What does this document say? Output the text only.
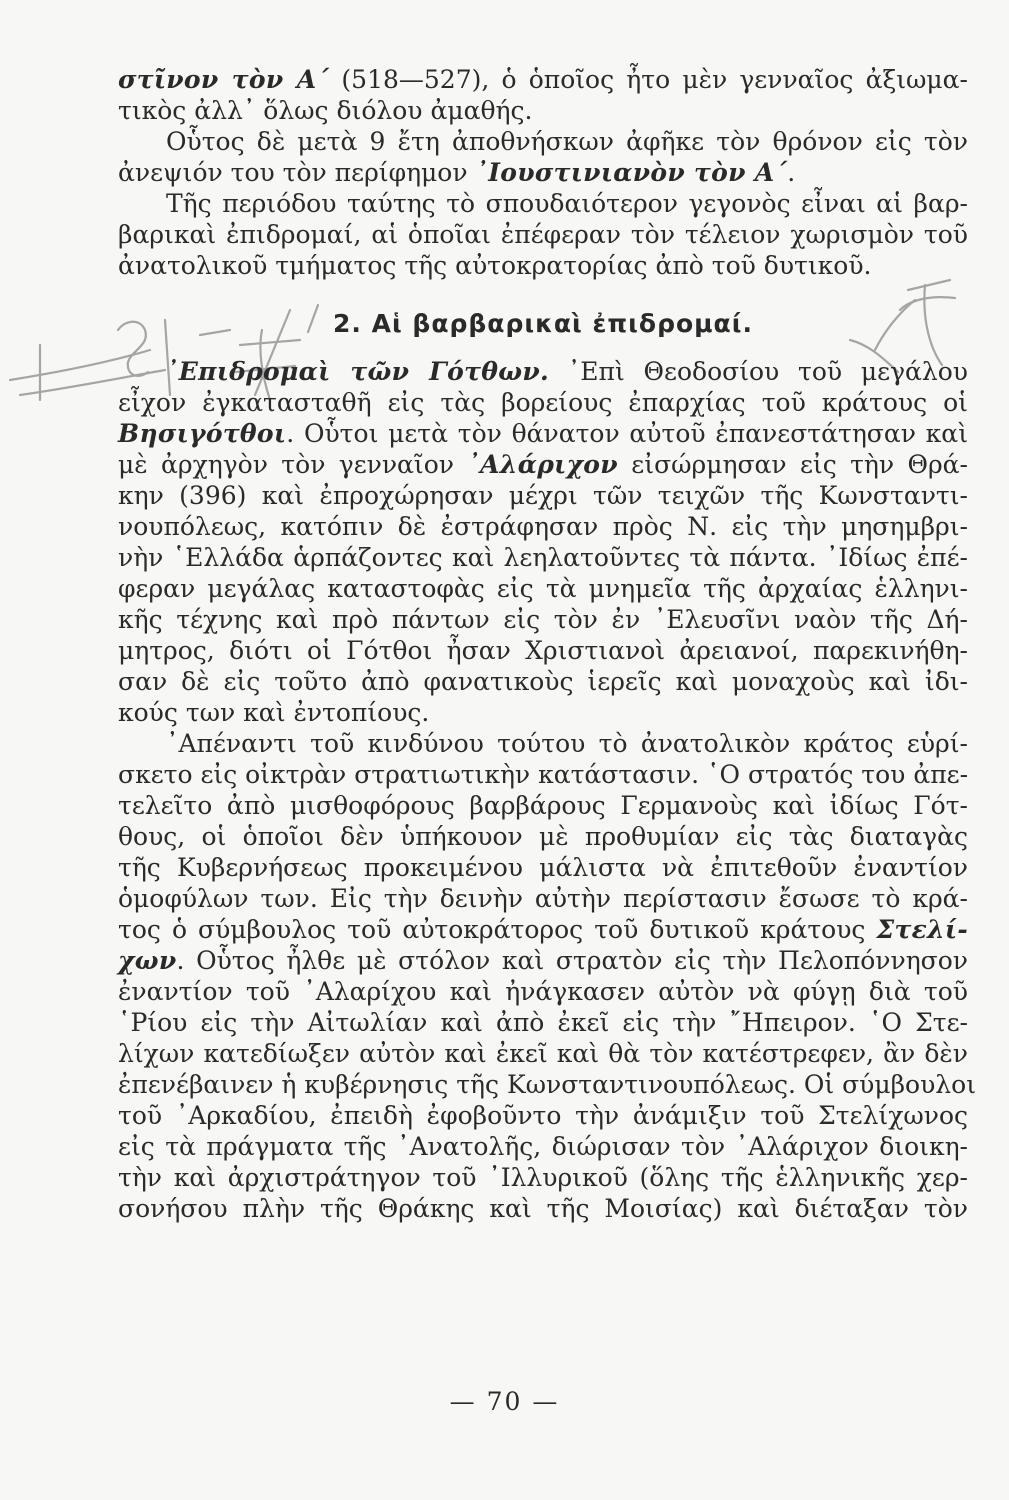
στῖνον τὸν Α΄ (518—527), ὁ ὁποῖος ἦτο μὲν γενναῖος ἀξιωμα-
τικὸς ἀλλ᾿ ὅλως διόλου ἀμαθής.
Οὗτος δὲ μετὰ 9 ἔτη ἀποθνήσκων ἀφῆκε τὸν θρόνον εἰς τὸν
ἀνεψιόν του τὸν περίφημον ᾿Ιουστινιανὸν τὸν Α΄.
Τῆς περιόδου ταύτης τὸ σπουδαιότερον γεγονὸς εἶναι αἱ βαρ-
βαρικαὶ ἐπιδρομαί, αἱ ὁποῖαι ἐπέφεραν τὸν τέλειον χωρισμὸν τοῦ
ἀνατολικοῦ τμήματος τῆς αὐτοκρατορίας ἀπὸ τοῦ δυτικοῦ.
2. Αἱ βαρβαρικαὶ ἐπιδρομαί.
᾿Επιδρομαὶ τῶν Γότθων. ᾿Επὶ Θεοδοσίου τοῦ μεγάλου
εἶχον ἐγκατασταθῆ εἰς τὰς βορείους ἐπαρχίας τοῦ κράτους οἱ
Βησιγότθοι. Οὗτοι μετὰ τὸν θάνατον αὐτοῦ ἐπανεστάτησαν καὶ
μὲ ἀρχηγὸν τὸν γενναῖον ᾿Αλάριχον εἰσώρμησαν εἰς τὴν Θρά-
κην (396) καὶ ἐπροχώρησαν μέχρι τῶν τειχῶν τῆς Κωνσταντι-
νουπόλεως, κατόπιν δὲ ἐστράφησαν πρὸς Ν. εἰς τὴν μησημβρι-
νὴν ῾Ελλάδα ἁρπάζοντες καὶ λεηλατοῦντες τὰ πάντα. ᾿Ιδίως ἐπέ-
φεραν μεγάλας καταστοφὰς εἰς τὰ μνημεῖα τῆς ἀρχαίας ἑλληνι-
κῆς τέχνης καὶ πρὸ πάντων εἰς τὸν ἐν ᾿Ελευσῖνι ναὸν τῆς Δή-
μητρος, διότι οἱ Γότθοι ἦσαν Χριστιανοὶ ἀρειανοί, παρεκινήθη-
σαν δὲ εἰς τοῦτο ἀπὸ φανατικοὺς ἱερεῖς καὶ μοναχοὺς καὶ ἰδι-
κούς των καὶ ἐντοπίους.
᾿Απέναντι τοῦ κινδύνου τούτου τὸ ἀνατολικὸν κράτος εὑρί-
σκετο εἰς οἰκτρὰν στρατιωτικὴν κατάστασιν. ῾Ο στρατός του ἀπε-
τελεῖτο ἀπὸ μισθοφόρους βαρβάρους Γερμανοὺς καὶ ἰδίως Γότ-
θους, οἱ ὁποῖοι δὲν ὑπήκουον μὲ προθυμίαν εἰς τὰς διαταγὰς
τῆς Κυβερνήσεως προκειμένου μάλιστα νὰ ἐπιτεθοῦν ἐναντίον
ὁμοφύλων των. Εἰς τὴν δεινὴν αὐτὴν περίστασιν ἔσωσε τὸ κρά-
τος ὁ σύμβουλος τοῦ αὐτοκράτορος τοῦ δυτικοῦ κράτους Στελί-
χων. Οὗτος ἦλθε μὲ στόλον καὶ στρατὸν εἰς τὴν Πελοπόννησον
ἐναντίον τοῦ ᾿Αλαρίχου καὶ ἠνάγκασεν αὐτὸν νὰ φύγῃ διὰ τοῦ
῾Ρίου εἰς τὴν Αἰτωλίαν καὶ ἀπὸ ἐκεῖ εἰς τὴν ῎Ηπειρον. ῾Ο Στε-
λίχων κατεδίωξεν αὐτὸν καὶ ἐκεῖ καὶ θὰ τὸν κατέστρεφεν, ἂν δὲν
ἐπενέβαινεν ἡ κυβέρνησις τῆς Κωνσταντινουπόλεως. Οἱ σύμβουλοι
τοῦ ᾿Αρκαδίου, ἐπειδὴ ἐφοβοῦντο τὴν ἀνάμιξιν τοῦ Στελίχωνος
εἰς τὰ πράγματα τῆς ᾿Ανατολῆς, διώρισαν τὸν ᾿Αλάριχον διοικη-
τὴν καὶ ἀρχιστράτηγον τοῦ ᾿Ιλλυρικοῦ (ὅλης τῆς ἑλληνικῆς χερ-
σονήσου πλὴν τῆς Θράκης καὶ τῆς Μοισίας) καὶ διέταξαν τὸν
— 70 —
